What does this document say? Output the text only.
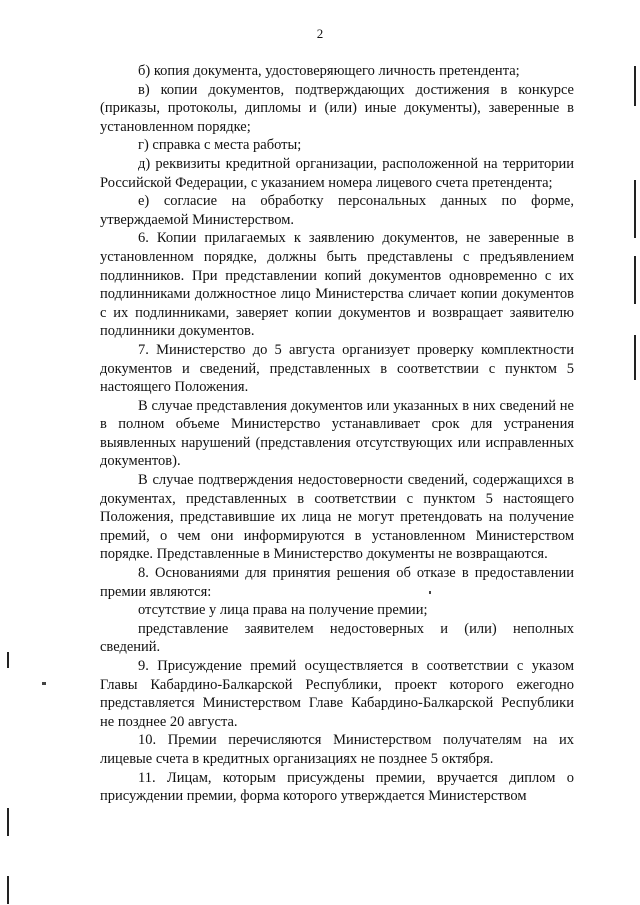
2

б) копия документа, удостоверяющего личность претендента;

в) копии документов, подтверждающих достижения в конкурсе (приказы, протоколы, дипломы и (или) иные документы), заверенные в установленном порядке;

г) справка с места работы;

д) реквизиты кредитной организации, расположенной на территории Российской Федерации, с указанием номера лицевого счета претендента;

е) согласие на обработку персональных данных по форме, утверждаемой Министерством.

6. Копии прилагаемых к заявлению документов, не заверенные в установленном порядке, должны быть представлены с предъявлением подлинников. При представлении копий документов одновременно с их подлинниками должностное лицо Министерства сличает копии документов с их подлинниками, заверяет копии документов и возвращает заявителю подлинники документов.

7. Министерство до 5 августа организует проверку комплектности документов и сведений, представленных в соответствии с пунктом 5 настоящего Положения.

В случае представления документов или указанных в них сведений не в полном объеме Министерство устанавливает срок для устранения выявленных нарушений (представления отсутствующих или исправленных документов).

В случае подтверждения недостоверности сведений, содержащихся в документах, представленных в соответствии с пунктом 5 настоящего Положения, представившие их лица не могут претендовать на получение премий, о чем они информируются в установленном Министерством порядке. Представленные в Министерство документы не возвращаются.

8. Основаниями для принятия решения об отказе в предоставлении премии являются:

отсутствие у лица права на получение премии;

представление заявителем недостоверных и (или) неполных сведений.

9. Присуждение премий осуществляется в соответствии с указом Главы Кабардино-Балкарской Республики, проект которого ежегодно представляется Министерством Главе Кабардино-Балкарской Республики не позднее 20 августа.

10. Премии перечисляются Министерством получателям на их лицевые счета в кредитных организациях не позднее 5 октября.

11. Лицам, которым присуждены премии, вручается диплом о присуждении премии, форма которого утверждается Министерством
